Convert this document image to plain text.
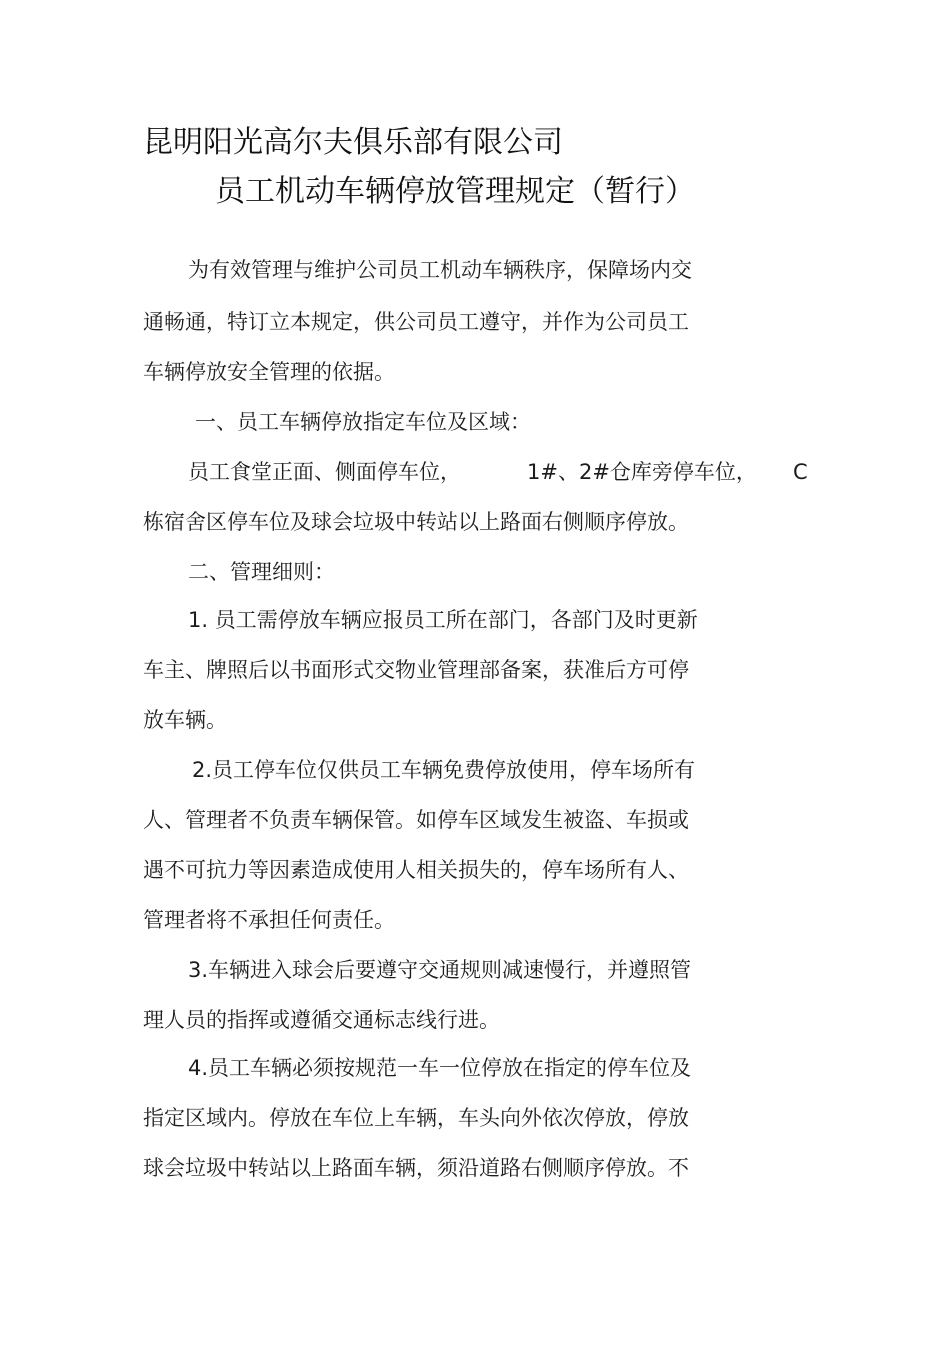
昆明阳光高尔夫俱乐部有限公司
员工机动车辆停放管理规定（暂行）
为有效管理与维护公司员工机动车辆秩序，保障场内交
通畅通，特订立本规定，供公司员工遵守，并作为公司员工
车辆停放安全管理的依据。
一、员工车辆停放指定车位及区域：
员工食堂正面、侧面停车位，	1#、2#仓库旁停车位， C
栋宿舍区停车位及球会垃圾中转站以上路面右侧顺序停放。
二、管理细则：
1. 员工需停放车辆应报员工所在部门，各部门及时更新
车主、牌照后以书面形式交物业管理部备案，获准后方可停
放车辆。
2.员工停车位仅供员工车辆免费停放使用，停车场所有
人、管理者不负责车辆保管。如停车区域发生被盗、车损或
遇不可抗力等因素造成使用人相关损失的，停车场所有人、
管理者将不承担任何责任。
3.车辆进入球会后要遵守交通规则减速慢行，并遵照管
理人员的指挥或遵循交通标志线行进。
4.员工车辆必须按规范一车一位停放在指定的停车位及
指定区域内。停放在车位上车辆，车头向外依次停放，停放
球会垃圾中转站以上路面车辆，须沿道路右侧顺序停放。不
